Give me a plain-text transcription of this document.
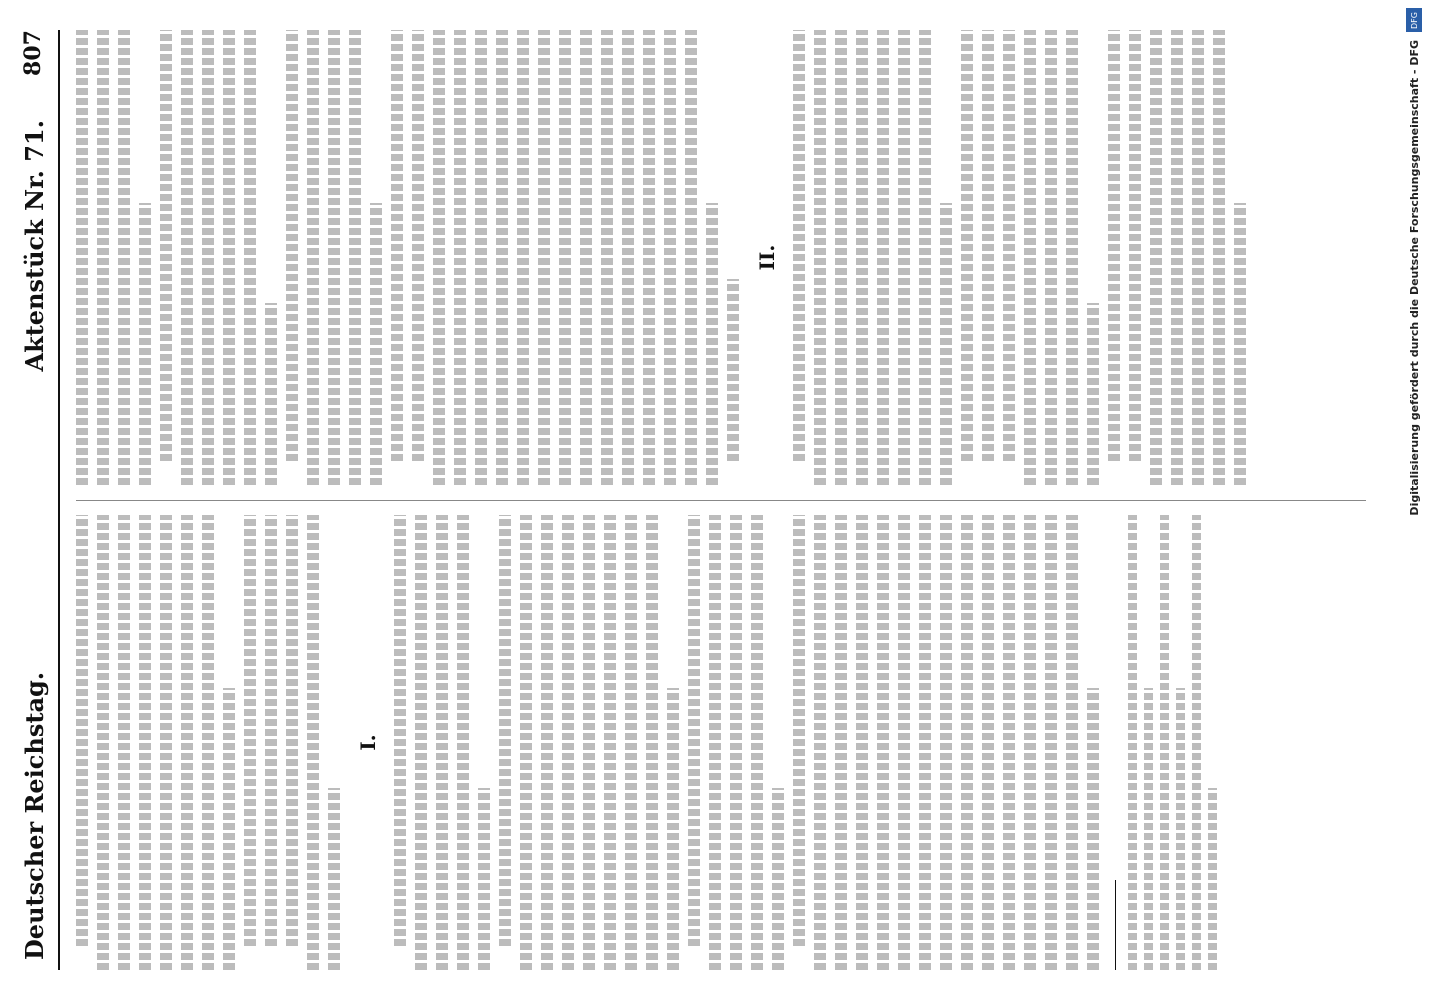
Deutscher Reichstag.
Aktenstück Nr. 71.
807
I.
II.
DFG
Digitalisierung gefördert durch die Deutsche Forschungsgemeinschaft - DFG
